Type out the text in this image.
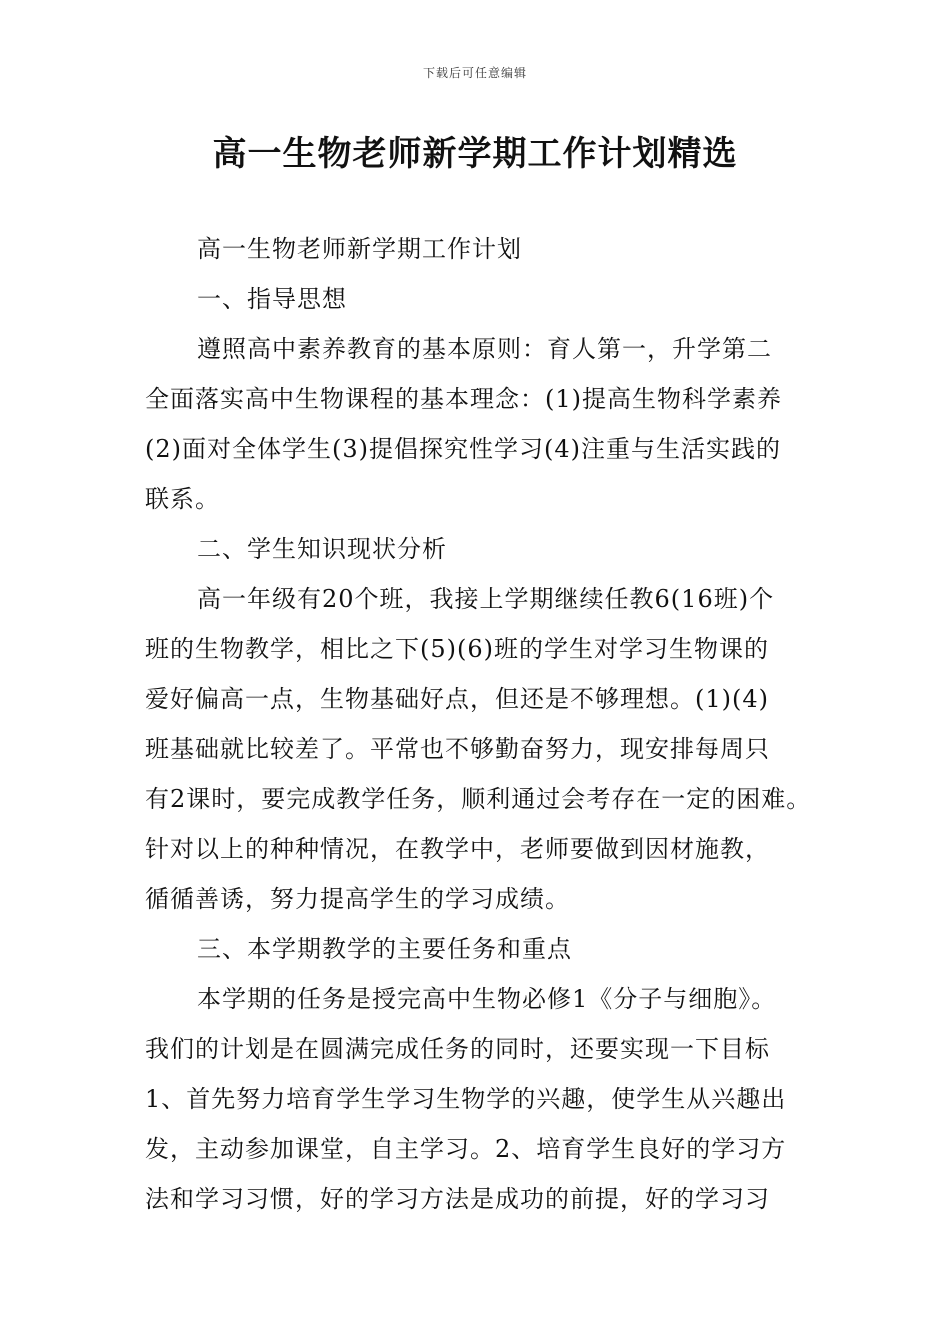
下载后可任意编辑
高一生物老师新学期工作计划精选
高一生物老师新学期工作计划
一、指导思想
遵照高中素养教育的基本原则：育人第一，升学第二
全面落实高中生物课程的基本理念：(1)提高生物科学素养
(2)面对全体学生(3)提倡探究性学习(4)注重与生活实践的
联系。
二、学生知识现状分析
高一年级有20个班，我接上学期继续任教6(16班)个
班的生物教学，相比之下(5)(6)班的学生对学习生物课的
爱好偏高一点，生物基础好点，但还是不够理想。(1)(4)
班基础就比较差了。平常也不够勤奋努力，现安排每周只
有2课时，要完成教学任务，顺利通过会考存在一定的困难。
针对以上的种种情况，在教学中，老师要做到因材施教，
循循善诱，努力提高学生的学习成绩。
三、本学期教学的主要任务和重点
本学期的任务是授完高中生物必修1《分子与细胞》。
我们的计划是在圆满完成任务的同时，还要实现一下目标
1、首先努力培育学生学习生物学的兴趣，使学生从兴趣出
发，主动参加课堂，自主学习。2、培育学生良好的学习方
法和学习习惯，好的学习方法是成功的前提，好的学习习
